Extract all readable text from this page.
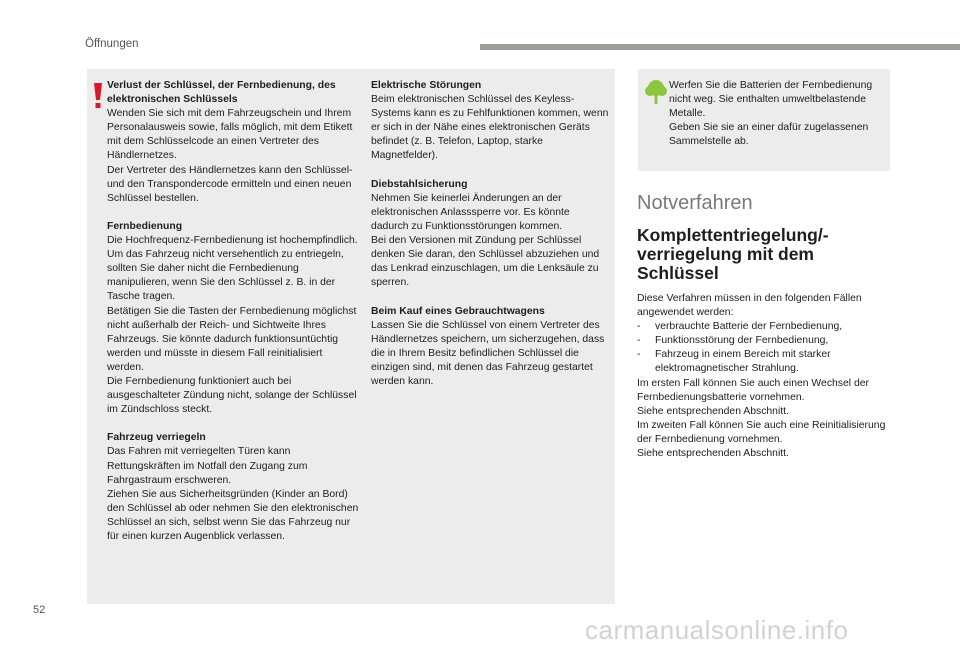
Öffnungen

Verlust der Schlüssel, der Fernbedienung, des elektronischen Schlüssels
Wenden Sie sich mit dem Fahrzeugschein und Ihrem Personalausweis sowie, falls möglich, mit dem Etikett mit dem Schlüsselcode an einen Vertreter des Händlernetzes.
Der Vertreter des Händlernetzes kann den Schlüssel- und den Transpondercode ermitteln und einen neuen Schlüssel bestellen.

Fernbedienung
Die Hochfrequenz-Fernbedienung ist hochempfindlich. Um das Fahrzeug nicht versehentlich zu entriegeln, sollten Sie daher nicht die Fernbedienung manipulieren, wenn Sie den Schlüssel z. B. in der Tasche tragen.
Betätigen Sie die Tasten der Fernbedienung möglichst nicht außerhalb der Reich- und Sichtweite Ihres Fahrzeugs. Sie könnte dadurch funktionsuntüchtig werden und müsste in diesem Fall reinitialisiert werden.
Die Fernbedienung funktioniert auch bei ausgeschalteter Zündung nicht, solange der Schlüssel im Zündschloss steckt.

Fahrzeug verriegeln
Das Fahren mit verriegelten Türen kann Rettungskräften im Notfall den Zugang zum Fahrgastraum erschweren.
Ziehen Sie aus Sicherheitsgründen (Kinder an Bord) den Schlüssel ab oder nehmen Sie den elektronischen Schlüssel an sich, selbst wenn Sie das Fahrzeug nur für einen kurzen Augenblick verlassen.

Elektrische Störungen
Beim elektronischen Schlüssel des Keyless-Systems kann es zu Fehlfunktionen kommen, wenn er sich in der Nähe eines elektronischen Geräts befindet (z. B. Telefon, Laptop, starke Magnetfelder).

Diebstahlsicherung
Nehmen Sie keinerlei Änderungen an der elektronischen Anlasssperre vor. Es könnte dadurch zu Funktionsstörungen kommen.
Bei den Versionen mit Zündung per Schlüssel denken Sie daran, den Schlüssel abzuziehen und das Lenkrad einzuschlagen, um die Lenksäule zu sperren.

Beim Kauf eines Gebrauchtwagens
Lassen Sie die Schlüssel von einem Vertreter des Händlernetzes speichern, um sicherzugehen, dass die in Ihrem Besitz befindlichen Schlüssel die einzigen sind, mit denen das Fahrzeug gestartet werden kann.

Werfen Sie die Batterien der Fernbedienung nicht weg. Sie enthalten umweltbelastende Metalle.
Geben Sie sie an einer dafür zugelassenen Sammelstelle ab.
Notverfahren
Komplettentriegelung/-verriegelung mit dem Schlüssel

Diese Verfahren müssen in den folgenden Fällen angewendet werden:

- verbrauchte Batterie der Fernbedienung,
- Funktionsstörung der Fernbedienung,
- Fahrzeug in einem Bereich mit starker elektromagnetischer Strahlung.

Im ersten Fall können Sie auch einen Wechsel der Fernbedienungsbatterie vornehmen.

Siehe entsprechenden Abschnitt.

Im zweiten Fall können Sie auch eine Reinitialisierung der Fernbedienung vornehmen.

Siehe entsprechenden Abschnitt.

52
carmanualsonline.info
